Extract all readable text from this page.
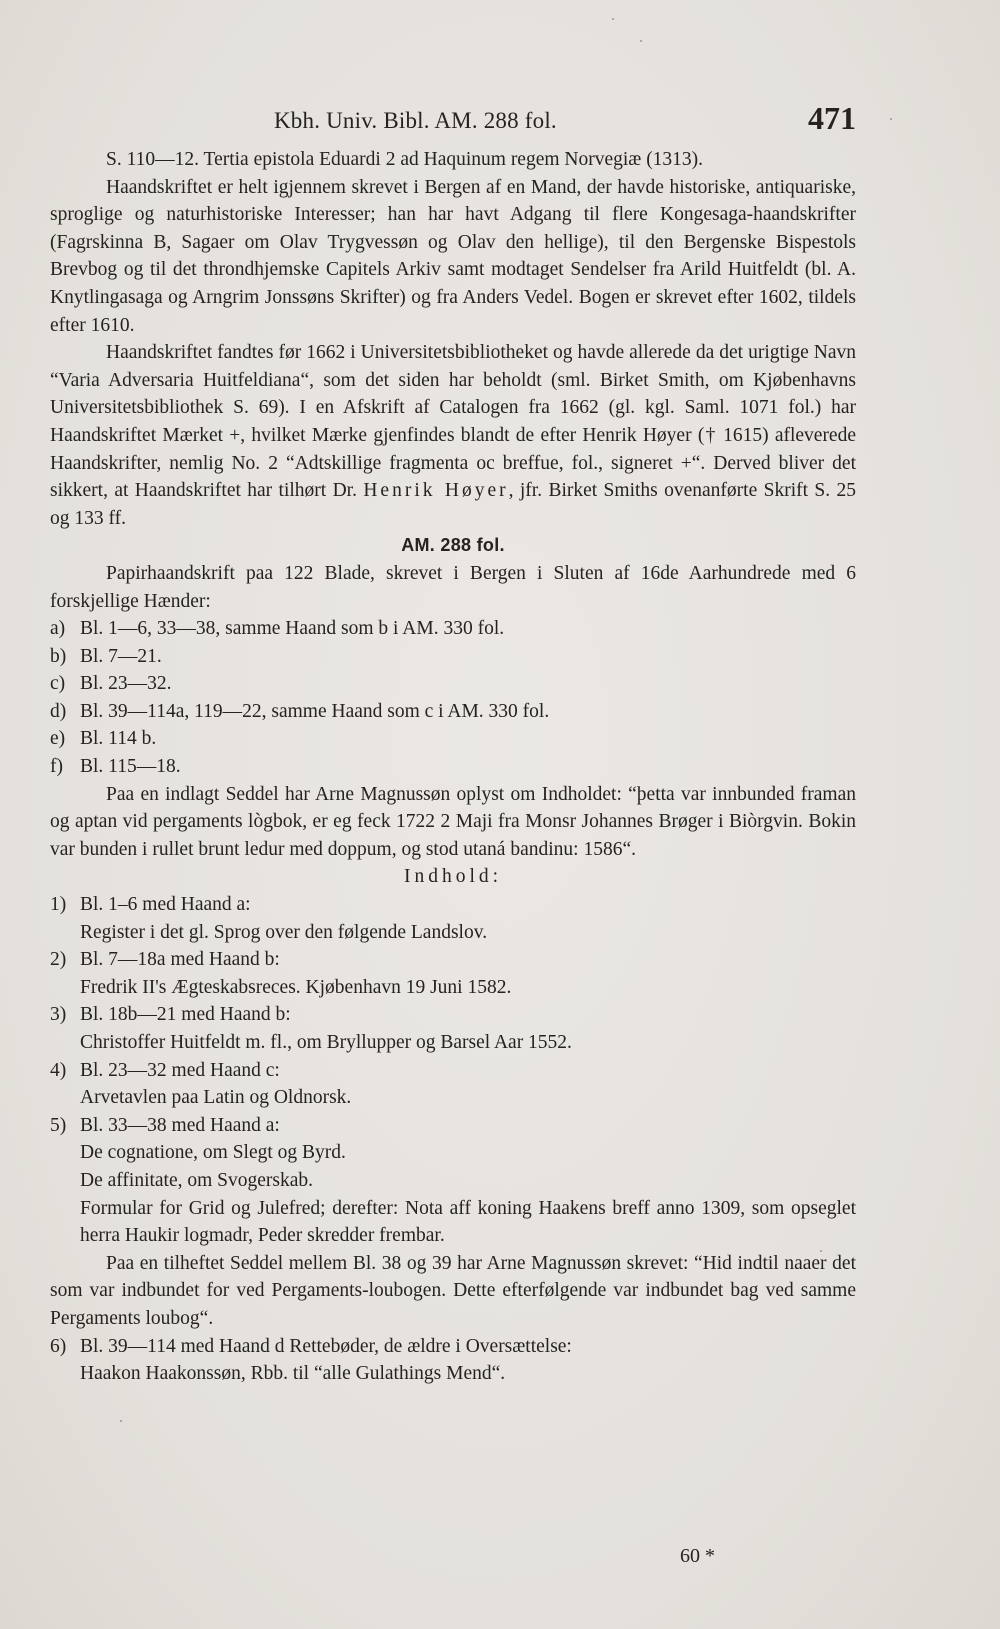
Kbh. Univ. Bibl. AM. 288 fol.	471

S. 110—12. Tertia epistola Eduardi 2 ad Haquinum regem Norvegiæ (1313).

Haandskriftet er helt igjennem skrevet i Bergen af en Mand, der havde historiske, antiquariske, sproglige og naturhistoriske Interesser; han har havt Adgang til flere Kongesaga-haandskrifter (Fagrskinna B, Sagaer om Olav Trygvessøn og Olav den hellige), til den Bergenske Bispestols Brevbog og til det throndhjemske Capitels Arkiv samt modtaget Sendelser fra Arild Huitfeldt (bl. A. Knytlingasaga og Arngrim Jonssøns Skrifter) og fra Anders Vedel. Bogen er skrevet efter 1602, tildels efter 1610.

Haandskriftet fandtes før 1662 i Universitetsbibliotheket og havde allerede da det urigtige Navn “Varia Adversaria Huitfeldiana“, som det siden har beholdt (sml. Birket Smith, om Kjøbenhavns Universitetsbibliothek S. 69). I en Afskrift af Catalogen fra 1662 (gl. kgl. Saml. 1071 fol.) har Haandskriftet Mærket +, hvilket Mærke gjenfindes blandt de efter Henrik Høyer († 1615) afleverede Haandskrifter, nemlig No. 2 “Adtskillige fragmenta oc breffue, fol., signeret +“. Derved bliver det sikkert, at Haandskriftet har tilhørt Dr. Henrik Høyer, jfr. Birket Smiths ovenanførte Skrift S. 25 og 133 ff.

AM. 288 fol.

Papirhaandskrift paa 122 Blade, skrevet i Bergen i Sluten af 16de Aarhundrede med 6 forskjellige Hænder:

a) Bl. 1—6, 33—38, samme Haand som b i AM. 330 fol.
b) Bl. 7—21.
c) Bl. 23—32.
d) Bl. 39—114a, 119—22, samme Haand som c i AM. 330 fol.
e) Bl. 114 b.
f) Bl. 115—18.

Paa en indlagt Seddel har Arne Magnussøn oplyst om Indholdet: “þetta var innbunded framan og aptan vid pergaments lògbok, er eg feck 1722 2 Maji fra Monsr Johannes Brøger i Biòrgvin. Bokin var bunden i rullet brunt ledur med doppum, og stod utaná bandinu: 1586“.

Indhold:

1) Bl. 1–6 med Haand a:
Register i det gl. Sprog over den følgende Landslov.
2) Bl. 7—18a med Haand b:
Fredrik II's Ægteskabsreces. Kjøbenhavn 19 Juni 1582.
3) Bl. 18b—21 med Haand b:
Christoffer Huitfeldt m. fl., om Bryllupper og Barsel Aar 1552.
4) Bl. 23—32 med Haand c:
Arvetavlen paa Latin og Oldnorsk.
5) Bl. 33—38 med Haand a:
De cognatione, om Slegt og Byrd.
De affinitate, om Svogerskab.
Formular for Grid og Julefred; derefter: Nota aff koning Haakens breff anno 1309, som opseglet herra Haukir logmadr, Peder skredder frembar.

Paa en tilheftet Seddel mellem Bl. 38 og 39 har Arne Magnussøn skrevet: “Hid indtil naaer det som var indbundet for ved Pergaments-loubogen. Dette efterfølgende var indbundet bag ved samme Pergaments loubog“.

6) Bl. 39—114 med Haand d Rettebøder, de ældre i Oversættelse:
Haakon Haakonssøn, Rbb. til “alle Gulathings Mend“.
60 *
